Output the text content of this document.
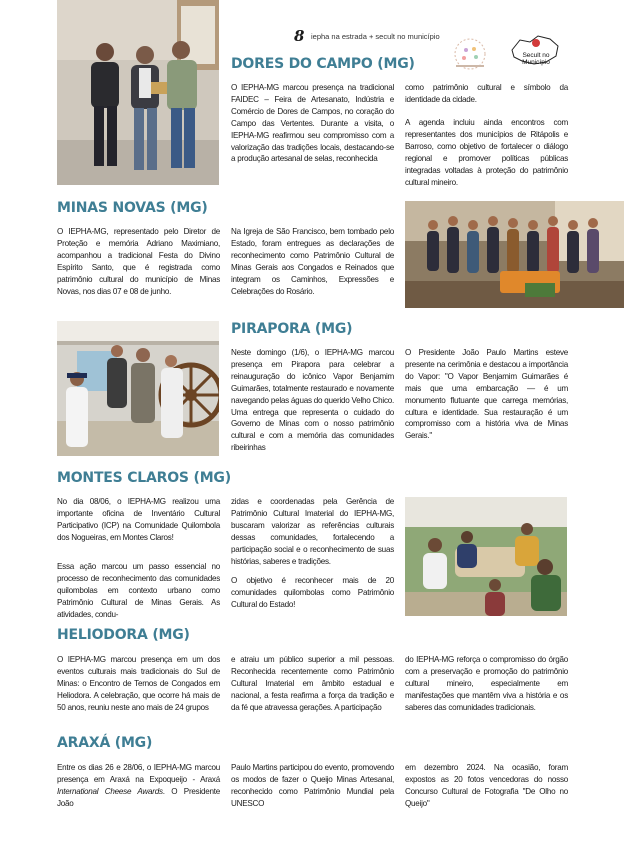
8 iepha na estrada + secult no município
Secult no Município
DORES DO CAMPO (MG)

O IEPHA-MG marcou presença na tradicional FAIDEC – Feira de Artesanato, Indústria e Comércio de Dores de Campos, no coração do Campo das Vertentes. Durante a visita, o IEPHA-MG reafirmou seu compromisso com a valorização das tradições locais, destacando-se a produção artesanal de selas, reconhecida

como patrimônio cultural e símbolo da identidade da cidade.

A agenda incluiu ainda encontros com representantes dos municípios de Ritápolis e Barroso, como objetivo de fortalecer o diálogo regional e promover políticas públicas integradas voltadas à proteção do patrimônio cultural mineiro.

MINAS NOVAS (MG)

O IEPHA-MG, representado pelo Diretor de Proteção e memória Adriano Maximiano, acompanhou a tradicional Festa do Divino Espírito Santo, que é registrada como patrimônio cultural do município de Minas Novas, nos dias 07 e 08 de junho.

Na Igreja de São Francisco, bem tombado pelo Estado, foram entregues as declarações de reconhecimento como Patrimônio Cultural de Minas Gerais aos Congados e Reinados que integram os Caminhos, Expressões e Celebrações do Rosário.

PIRAPORA (MG)

Neste domingo (1/6), o IEPHA-MG marcou presença em Pirapora para celebrar a reinauguração do icônico Vapor Benjamim Guimarães, totalmente restaurado e novamente navegando pelas águas do querido Velho Chico. Uma entrega que representa o cuidado do Governo de Minas com o nosso patrimônio cultural e com a memória das comunidades ribeirinhas

O Presidente João Paulo Martins esteve presente na cerimônia e destacou a importância do Vapor: "O Vapor Benjamim Guimarães é mais que uma embarcação — é um monumento flutuante que carrega memórias, cultura e identidade. Sua restauração é um compromisso com a história viva de Minas Gerais."

MONTES CLAROS (MG)

No dia 08/06, o IEPHA-MG realizou uma importante oficina de Inventário Cultural Participativo (ICP) na Comunidade Quilombola dos Nogueiras, em Montes Claros!

Essa ação marcou um passo essencial no processo de reconhecimento das comunidades quilombolas em contexto urbano como Patrimônio Cultural de Minas Gerais. As atividades, condu-

zidas e coordenadas pela Gerência de Patrimônio Cultural Imaterial do IEPHA-MG, buscaram valorizar as referências culturais dessas comunidades, fortalecendo a participação social e o reconhecimento de suas histórias, saberes e tradições.

O objetivo é reconhecer mais de 20 comunidades quilombolas como Patrimônio Cultural do Estado!

HELIODORA (MG)

O IEPHA-MG marcou presença em um dos eventos culturais mais tradicionais do Sul de Minas: o Encontro de Ternos de Congados em Heliodora. A celebração, que ocorre há mais de 50 anos, reuniu neste ano mais de 24 grupos

e atraiu um público superior a mil pessoas. Reconhecida recentemente como Patrimônio Cultural Imaterial em âmbito estadual e nacional, a festa reafirma a força da tradição e da fé que atravessa gerações. A participação

do IEPHA-MG reforça o compromisso do órgão com a preservação e promoção do patrimônio cultural mineiro, especialmente em manifestações que mantêm viva a história e os saberes das comunidades tradicionais.

ARAXÁ (MG)

Entre os dias 26 e 28/06, o IEPHA-MG marcou presença em Araxá na Expoqueijo - Araxá International Cheese Awards. O Presidente João

Paulo Martins participou do evento, promovendo os modos de fazer o Queijo Minas Artesanal, reconhecido como Patrimônio Mundial pela UNESCO

em dezembro 2024. Na ocasião, foram expostos as 20 fotos vencedoras do nosso Concurso Cultural de Fotografia "De Olho no Queijo"
